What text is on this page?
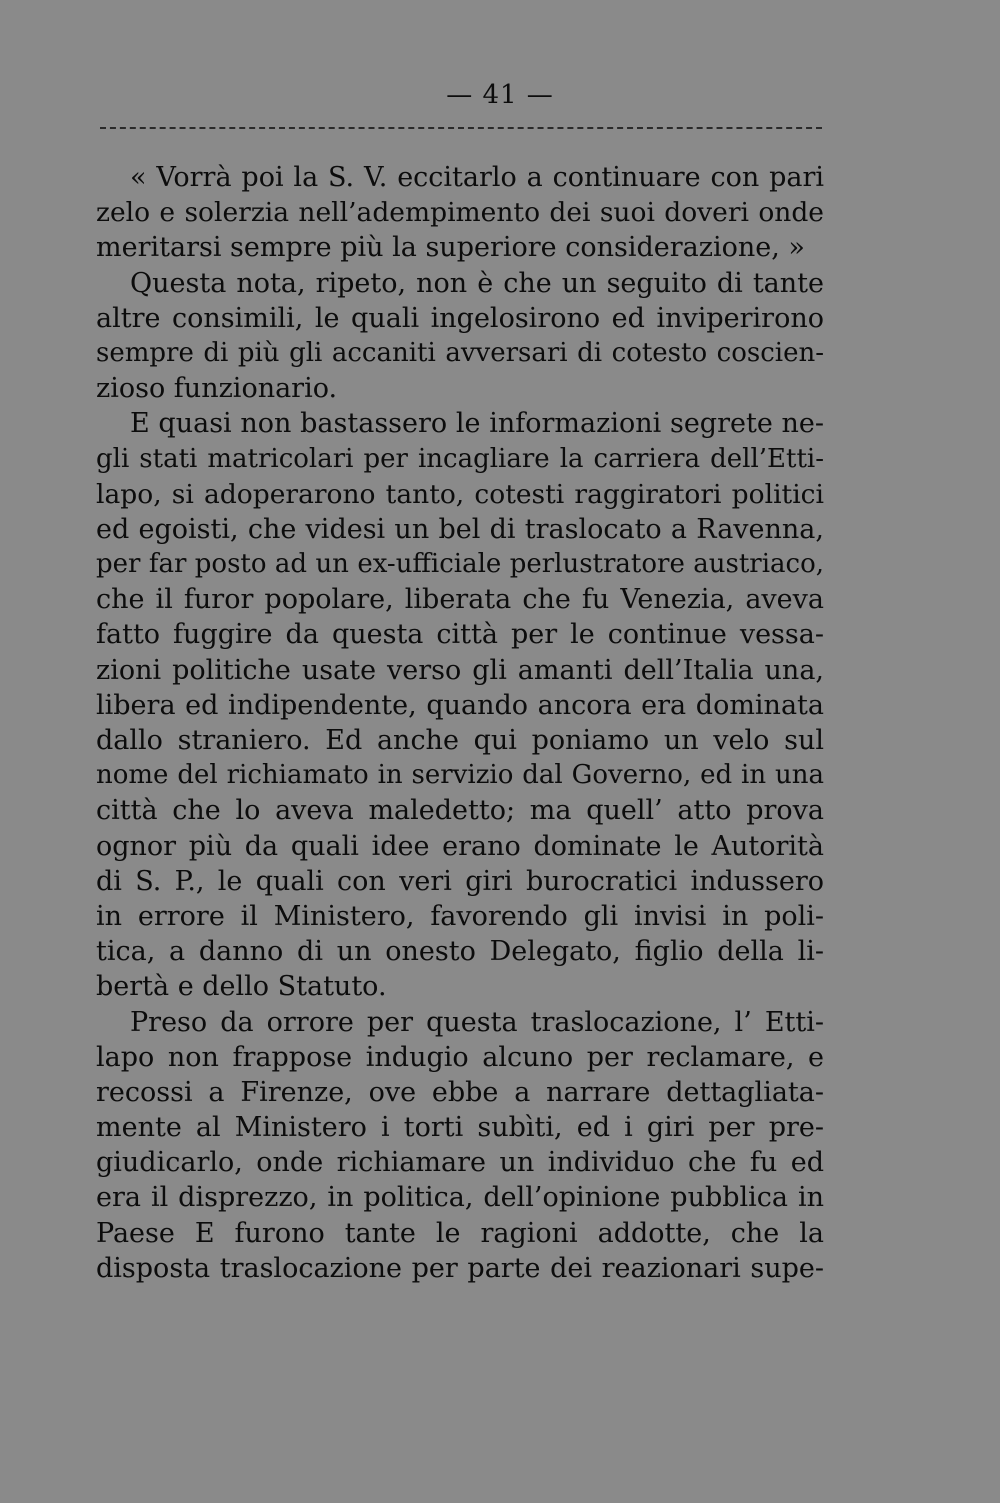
— 41 —
« Vorrà poi la S. V. eccitarlo a continuare con pari
zelo e solerzia nell’adempimento dei suoi doveri onde
meritarsi sempre più la superiore considerazione, »
Questa nota, ripeto, non è che un seguito di tante
altre consimili, le quali ingelosirono ed inviperirono
sempre di più gli accaniti avversari di cotesto coscien-
zioso funzionario.
E quasi non bastassero le informazioni segrete ne-
gli stati matricolari per incagliare la carriera dell’Etti-
lapo, si adoperarono tanto, cotesti raggiratori politici
ed egoisti, che videsi un bel di traslocato a Ravenna,
per far posto ad un ex-ufficiale perlustratore austriaco,
che il furor popolare, liberata che fu Venezia, aveva
fatto fuggire da questa città per le continue vessa-
zioni politiche usate verso gli amanti dell’Italia una,
libera ed indipendente, quando ancora era dominata
dallo straniero. Ed anche qui poniamo un velo sul
nome del richiamato in servizio dal Governo, ed in una
città che lo aveva maledetto; ma quell’ atto prova
ognor più da quali idee erano dominate le Autorità
di S. P., le quali con veri giri burocratici indussero
in errore il Ministero, favorendo gli invisi in poli-
tica, a danno di un onesto Delegato, figlio della li-
bertà e dello Statuto.
Preso da orrore per questa traslocazione, l’ Etti-
lapo non frappose indugio alcuno per reclamare, e
recossi a Firenze, ove ebbe a narrare dettagliata-
mente al Ministero i torti subìti, ed i giri per pre-
giudicarlo, onde richiamare un individuo che fu ed
era il disprezzo, in politica, dell’opinione pubblica in
Paese E furono tante le ragioni addotte, che la
disposta traslocazione per parte dei reazionari supe-
